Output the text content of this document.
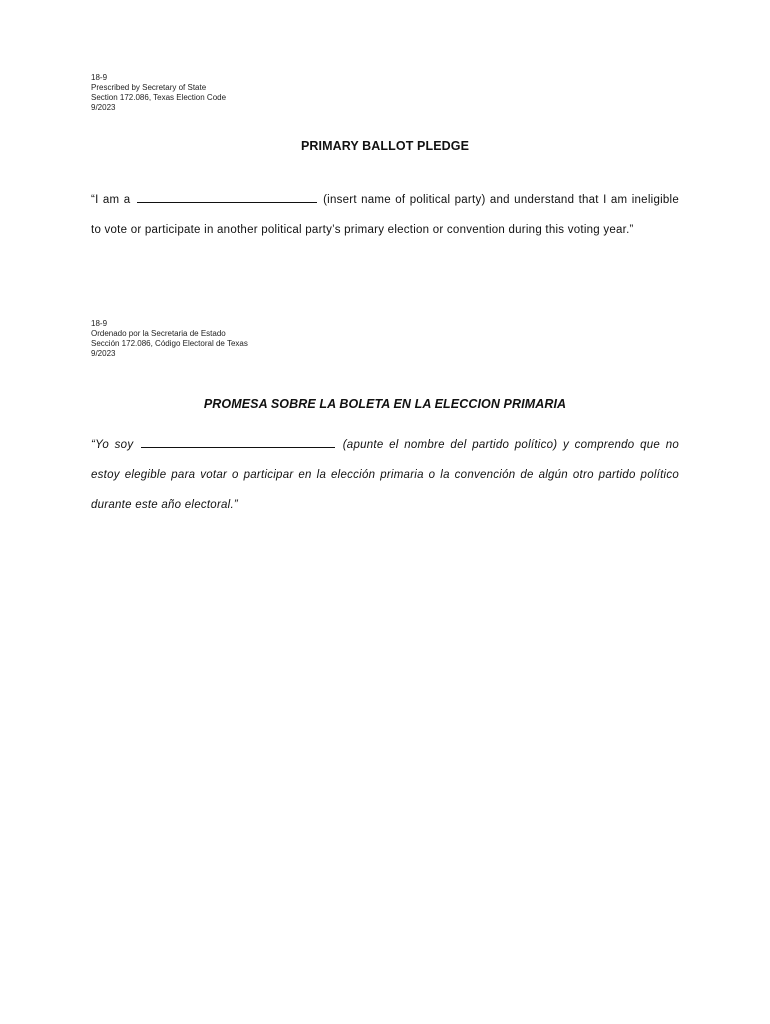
18-9
Prescribed by Secretary of State
Section 172.086, Texas Election Code
9/2023
PRIMARY BALLOT PLEDGE
“I am a	(insert name of political party) and understand that I am ineligible to vote or participate in another political party’s primary election or convention during this voting year.”
18-9
Ordenado por la Secretaria de Estado
Sección 172.086, Código Electoral de Texas
9/2023
PROMESA SOBRE LA BOLETA EN LA ELECCION PRIMARIA
“Yo soy	(apunte el nombre del partido político) y comprendo que no estoy elegible para votar o participar en la elección primaria o la convención de algún otro partido político durante este año electoral.”
